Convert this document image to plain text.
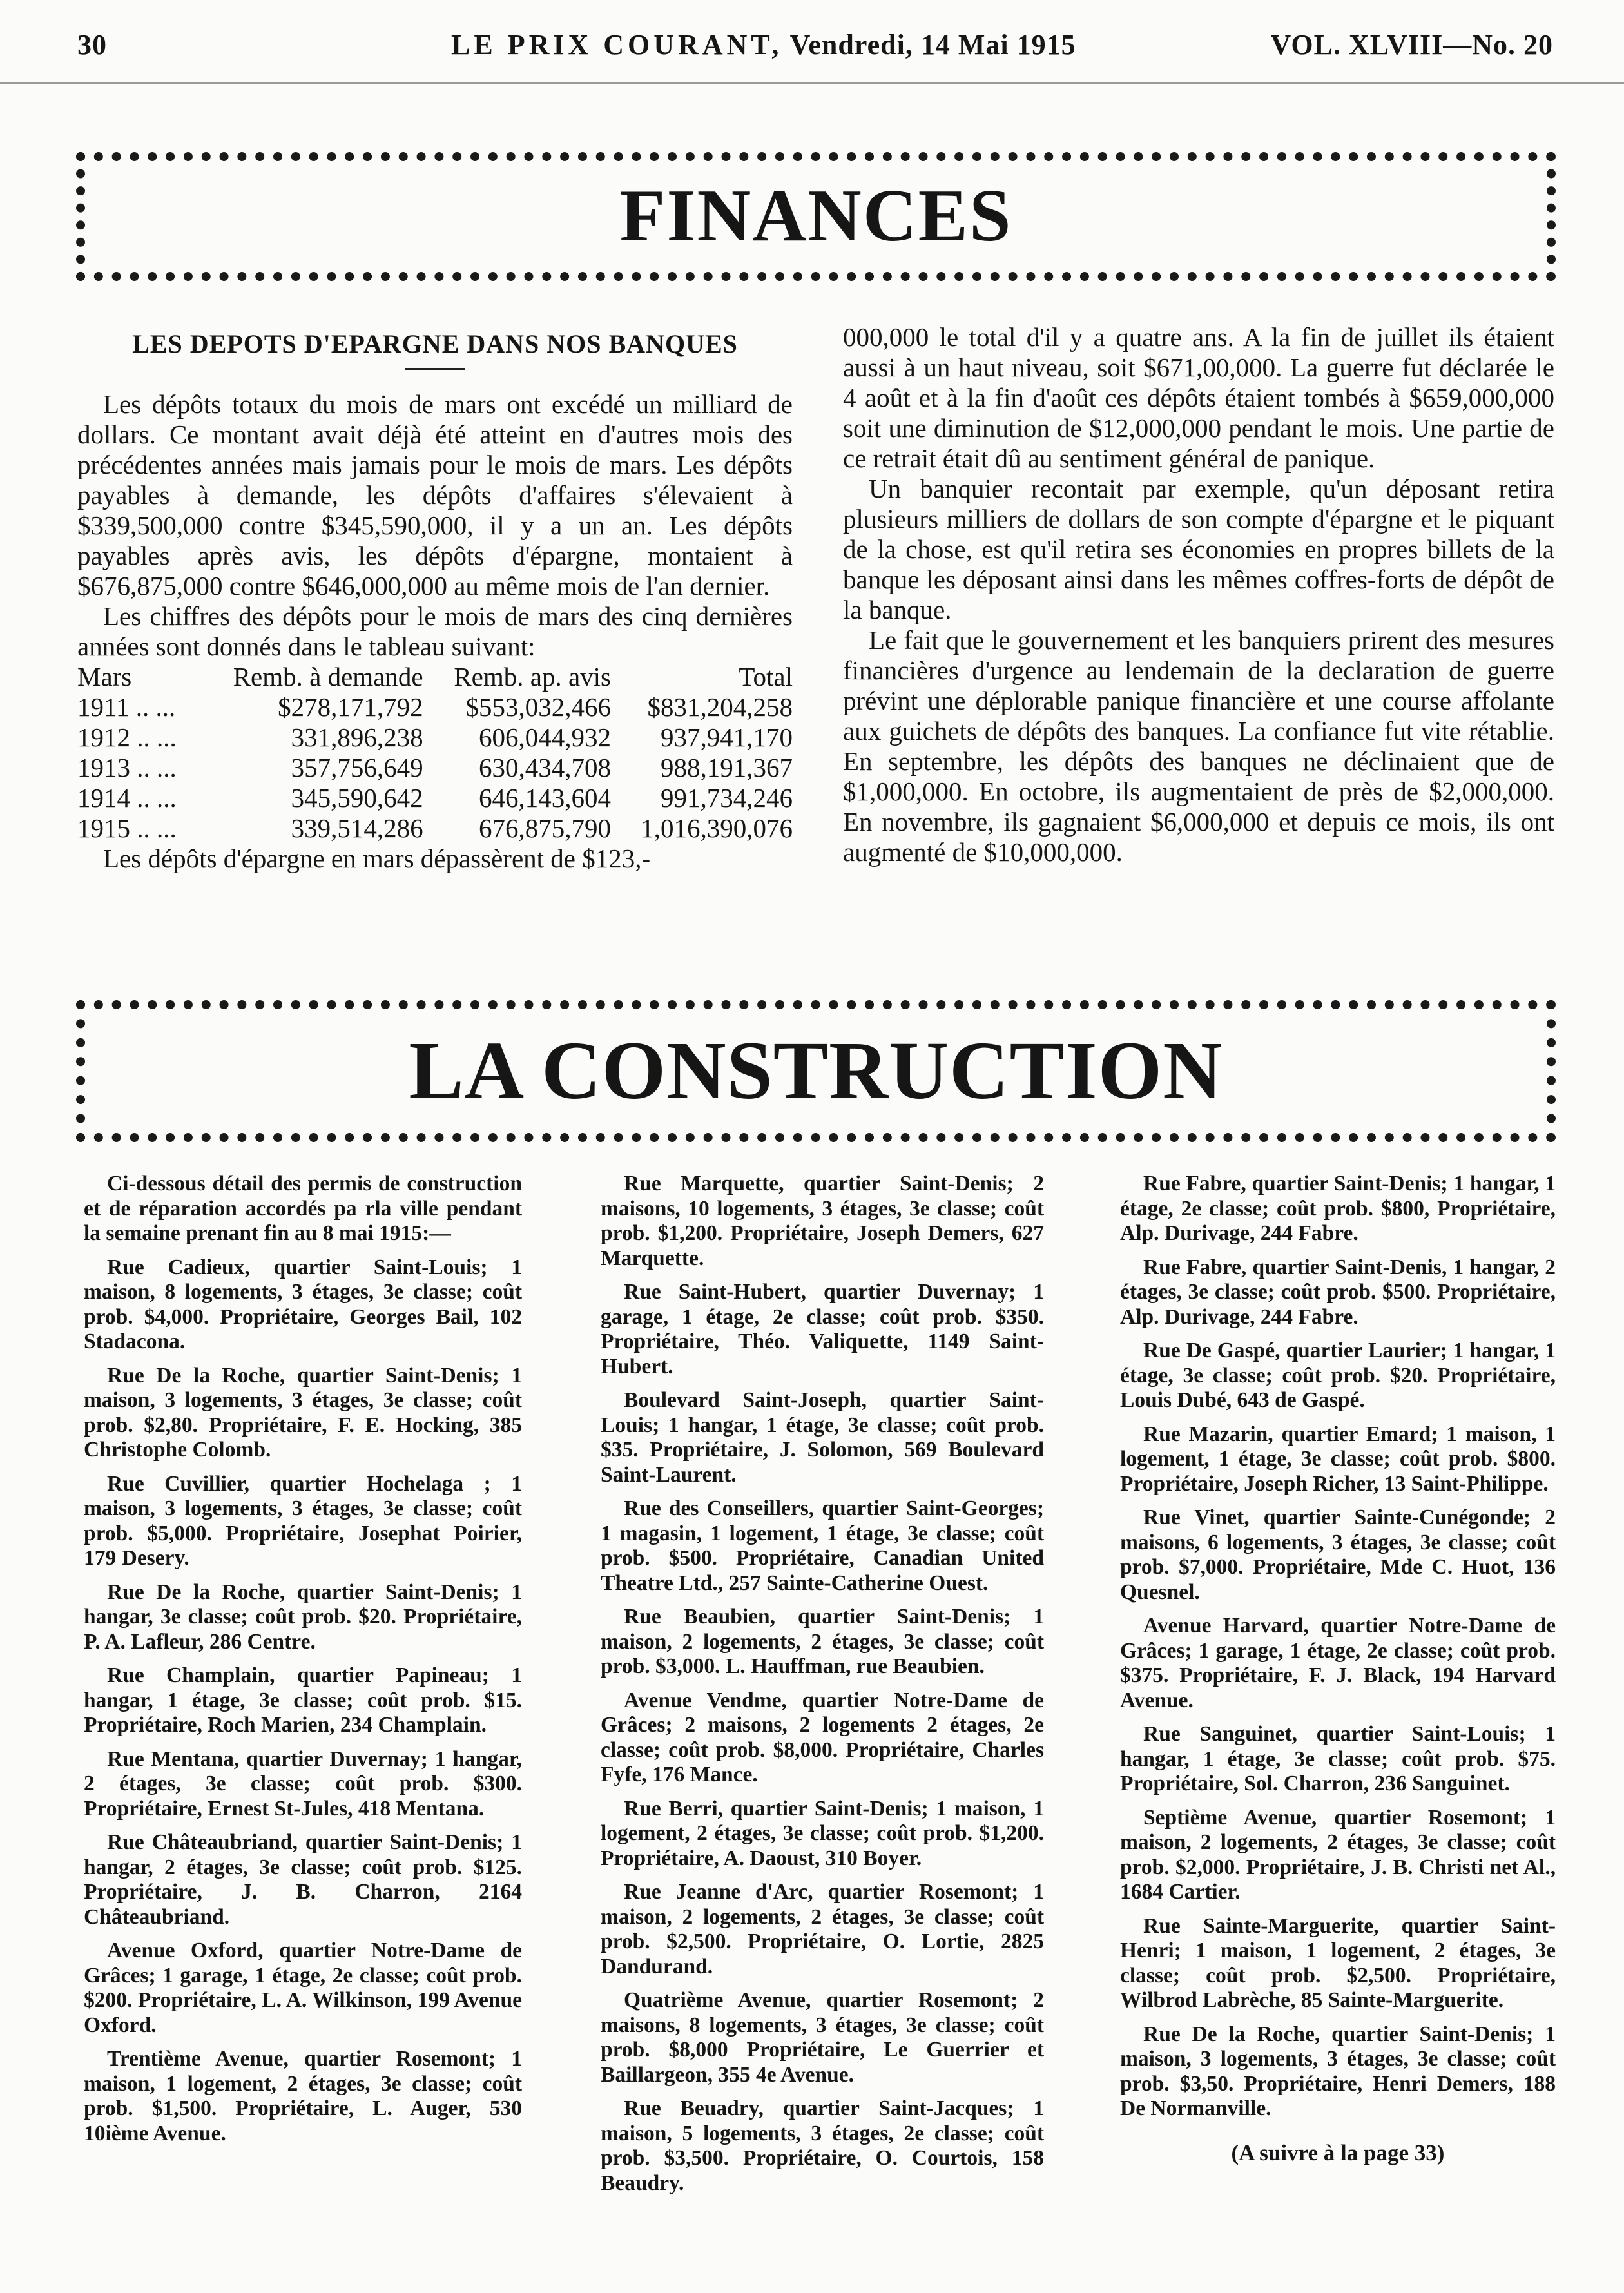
30	LE PRIX COURANT, Vendredi, 14 Mai 1915	VOL. XLVIII—No. 20
FINANCES
LES DEPOTS D'EPARGNE DANS NOS BANQUES

Les dépôts totaux du mois de mars ont excédé un milliard de dollars. Ce montant avait déjà été atteint en d'autres mois des précédentes années mais jamais pour le mois de mars. Les dépôts payables à demande, les dépôts d'affaires s'élevaient à $339,500,000 contre $345,590,000, il y a un an. Les dépôts payables après avis, les dépôts d'épargne, montaient à $676,875,000 contre $646,000,000 au même mois de l'an dernier.

Les chiffres des dépôts pour le mois de mars des cinq dernières années sont donnés dans le tableau suivant:

Mars	Remb. à demande	Remb. ap. avis	Total
1911 .. ...	$278,171,792	$553,032,466	$831,204,258
1912 .. ...	331,896,238	606,044,932	937,941,170
1913 .. ...	357,756,649	630,434,708	988,191,367
1914 .. ...	345,590,642	646,143,604	991,734,246
1915 .. ...	339,514,286	676,875,790	1,016,390,076

Les dépôts d'épargne en mars dépassèrent de $123,-

000,000 le total d'il y a quatre ans. A la fin de juillet ils étaient aussi à un haut niveau, soit $671,00,000. La guerre fut déclarée le 4 août et à la fin d'août ces dépôts étaient tombés à $659,000,000 soit une diminution de $12,000,000 pendant le mois. Une partie de ce retrait était dû au sentiment général de panique.

Un banquier recontait par exemple, qu'un déposant retira plusieurs milliers de dollars de son compte d'épargne et le piquant de la chose, est qu'il retira ses économies en propres billets de la banque les déposant ainsi dans les mêmes coffres-forts de dépôt de la banque.

Le fait que le gouvernement et les banquiers prirent des mesures financières d'urgence au lendemain de la declaration de guerre prévint une déplorable panique financière et une course affolante aux guichets de dépôts des banques. La confiance fut vite rétablie. En septembre, les dépôts des banques ne déclinaient que de $1,000,000. En octobre, ils augmentaient de près de $2,000,000. En novembre, ils gagnaient $6,000,000 et depuis ce mois, ils ont augmenté de $10,000,000.

LA CONSTRUCTION

Ci-dessous détail des permis de construction et de réparation accordés pa rla ville pendant la semaine prenant fin au 8 mai 1915:—

Rue Cadieux, quartier Saint-Louis; 1 maison, 8 logements, 3 étages, 3e classe; coût prob. $4,000. Propriétaire, Georges Bail, 102 Stadacona.

Rue De la Roche, quartier Saint-Denis; 1 maison, 3 logements, 3 étages, 3e classe; coût prob. $2,80. Propriétaire, F. E. Hocking, 385 Christophe Colomb.

Rue Cuvillier, quartier Hochelaga ; 1 maison, 3 logements, 3 étages, 3e classe; coût prob. $5,000. Propriétaire, Josephat Poirier, 179 Desery.

Rue De la Roche, quartier Saint-Denis; 1 hangar, 3e classe; coût prob. $20. Propriétaire, P. A. Lafleur, 286 Centre.

Rue Champlain, quartier Papineau; 1 hangar, 1 étage, 3e classe; coût prob. $15. Propriétaire, Roch Marien, 234 Champlain.

Rue Mentana, quartier Duvernay; 1 hangar, 2 étages, 3e classe; coût prob. $300. Propriétaire, Ernest St-Jules, 418 Mentana.

Rue Châteaubriand, quartier Saint-Denis; 1 hangar, 2 étages, 3e classe; coût prob. $125. Propriétaire, J. B. Charron, 2164 Châteaubriand.

Avenue Oxford, quartier Notre-Dame de Grâces; 1 garage, 1 étage, 2e classe; coût prob. $200. Propriétaire, L. A. Wilkinson, 199 Avenue Oxford.

Trentième Avenue, quartier Rosemont; 1 maison, 1 logement, 2 étages, 3e classe; coût prob. $1,500. Propriétaire, L. Auger, 530 10ième Avenue.

Rue Marquette, quartier Saint-Denis; 2 maisons, 10 logements, 3 étages, 3e classe; coût prob. $1,200. Propriétaire, Joseph Demers, 627 Marquette.

Rue Saint-Hubert, quartier Duvernay; 1 garage, 1 étage, 2e classe; coût prob. $350. Propriétaire, Théo. Valiquette, 1149 Saint-Hubert.

Boulevard Saint-Joseph, quartier Saint-Louis; 1 hangar, 1 étage, 3e classe; coût prob. $35. Propriétaire, J. Solomon, 569 Boulevard Saint-Laurent.

Rue des Conseillers, quartier Saint-Georges; 1 magasin, 1 logement, 1 étage, 3e classe; coût prob. $500. Propriétaire, Canadian United Theatre Ltd., 257 Sainte-Catherine Ouest.

Rue Beaubien, quartier Saint-Denis; 1 maison, 2 logements, 2 étages, 3e classe; coût prob. $3,000. L. Hauffman, rue Beaubien.

Avenue Vendme, quartier Notre-Dame de Grâces; 2 maisons, 2 logements 2 étages, 2e classe; coût prob. $8,000. Propriétaire, Charles Fyfe, 176 Mance.

Rue Berri, quartier Saint-Denis; 1 maison, 1 logement, 2 étages, 3e classe; coût prob. $1,200. Propriétaire, A. Daoust, 310 Boyer.

Rue Jeanne d'Arc, quartier Rosemont; 1 maison, 2 logements, 2 étages, 3e classe; coût prob. $2,500. Propriétaire, O. Lortie, 2825 Dandurand.

Quatrième Avenue, quartier Rosemont; 2 maisons, 8 logements, 3 étages, 3e classe; coût prob. $8,000 Propriétaire, Le Guerrier et Baillargeon, 355 4e Avenue.

Rue Beuadry, quartier Saint-Jacques; 1 maison, 5 logements, 3 étages, 2e classe; coût prob. $3,500. Propriétaire, O. Courtois, 158 Beaudry.

Rue Fabre, quartier Saint-Denis; 1 hangar, 1 étage, 2e classe; coût prob. $800, Propriétaire, Alp. Durivage, 244 Fabre.

Rue Fabre, quartier Saint-Denis, 1 hangar, 2 étages, 3e classe; coût prob. $500. Propriétaire, Alp. Durivage, 244 Fabre.

Rue De Gaspé, quartier Laurier; 1 hangar, 1 étage, 3e classe; coût prob. $20. Propriétaire, Louis Dubé, 643 de Gaspé.

Rue Mazarin, quartier Emard; 1 maison, 1 logement, 1 étage, 3e classe; coût prob. $800. Propriétaire, Joseph Richer, 13 Saint-Philippe.

Rue Vinet, quartier Sainte-Cunégonde; 2 maisons, 6 logements, 3 étages, 3e classe; coût prob. $7,000. Propriétaire, Mde C. Huot, 136 Quesnel.

Avenue Harvard, quartier Notre-Dame de Grâces; 1 garage, 1 étage, 2e classe; coût prob. $375. Propriétaire, F. J. Black, 194 Harvard Avenue.

Rue Sanguinet, quartier Saint-Louis; 1 hangar, 1 étage, 3e classe; coût prob. $75. Propriétaire, Sol. Charron, 236 Sanguinet.

Septième Avenue, quartier Rosemont; 1 maison, 2 logements, 2 étages, 3e classe; coût prob. $2,000. Propriétaire, J. B. Christi net Al., 1684 Cartier.

Rue Sainte-Marguerite, quartier Saint-Henri; 1 maison, 1 logement, 2 étages, 3e classe; coût prob. $2,500. Propriétaire, Wilbrod Labrèche, 85 Sainte-Marguerite.

Rue De la Roche, quartier Saint-Denis; 1 maison, 3 logements, 3 étages, 3e classe; coût prob. $3,50. Propriétaire, Henri Demers, 188 De Normanville.

(A suivre à la page 33)
